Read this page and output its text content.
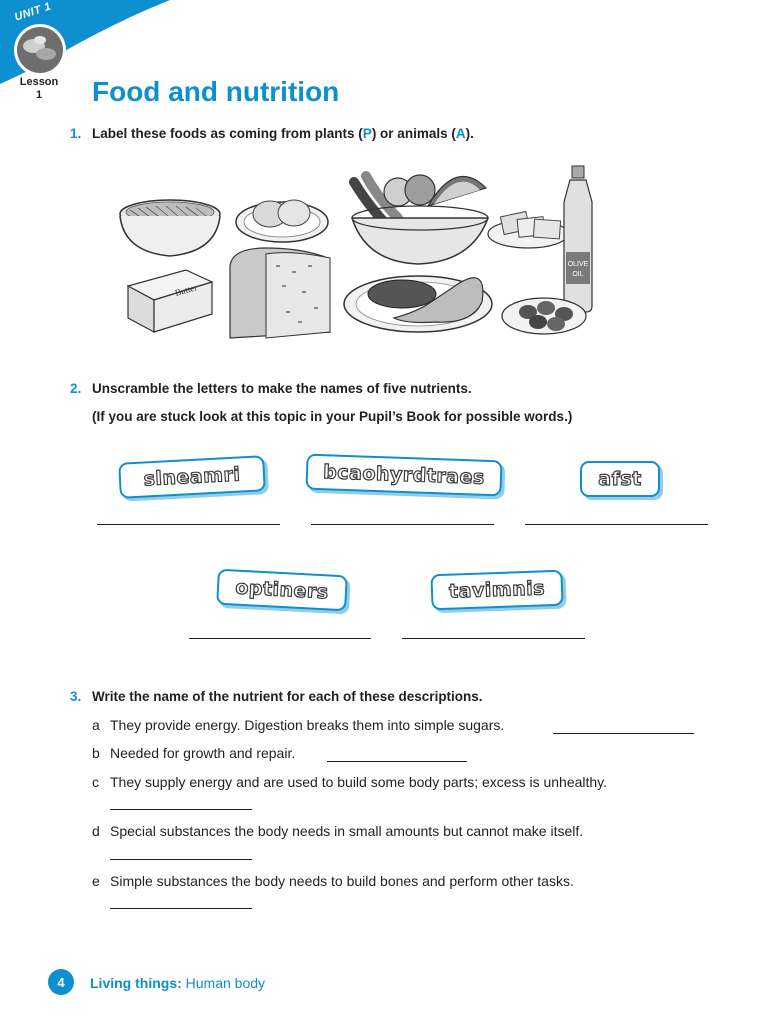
UNIT 1
Lesson
1	Food and nutrition
1. Label these foods as coming from plants (P) or animals (A).
OLIVE
OIL
Butter
2. Unscramble the letters to make the names of five nutrients.
(If you are stuck look at this topic in your Pupil’s Book for possible words.)
slneamri	bcaohyrdtraes	afst
optiners	tavimnis
3. Write the name of the nutrient for each of these descriptions.
a They provide energy. Digestion breaks them into simple sugars.
b Needed for growth and repair.
c They supply energy and are used to build some body parts; excess is unhealthy.
d Special substances the body needs in small amounts but cannot make itself.
e Simple substances the body needs to build bones and perform other tasks.
4	Living things: Human body
